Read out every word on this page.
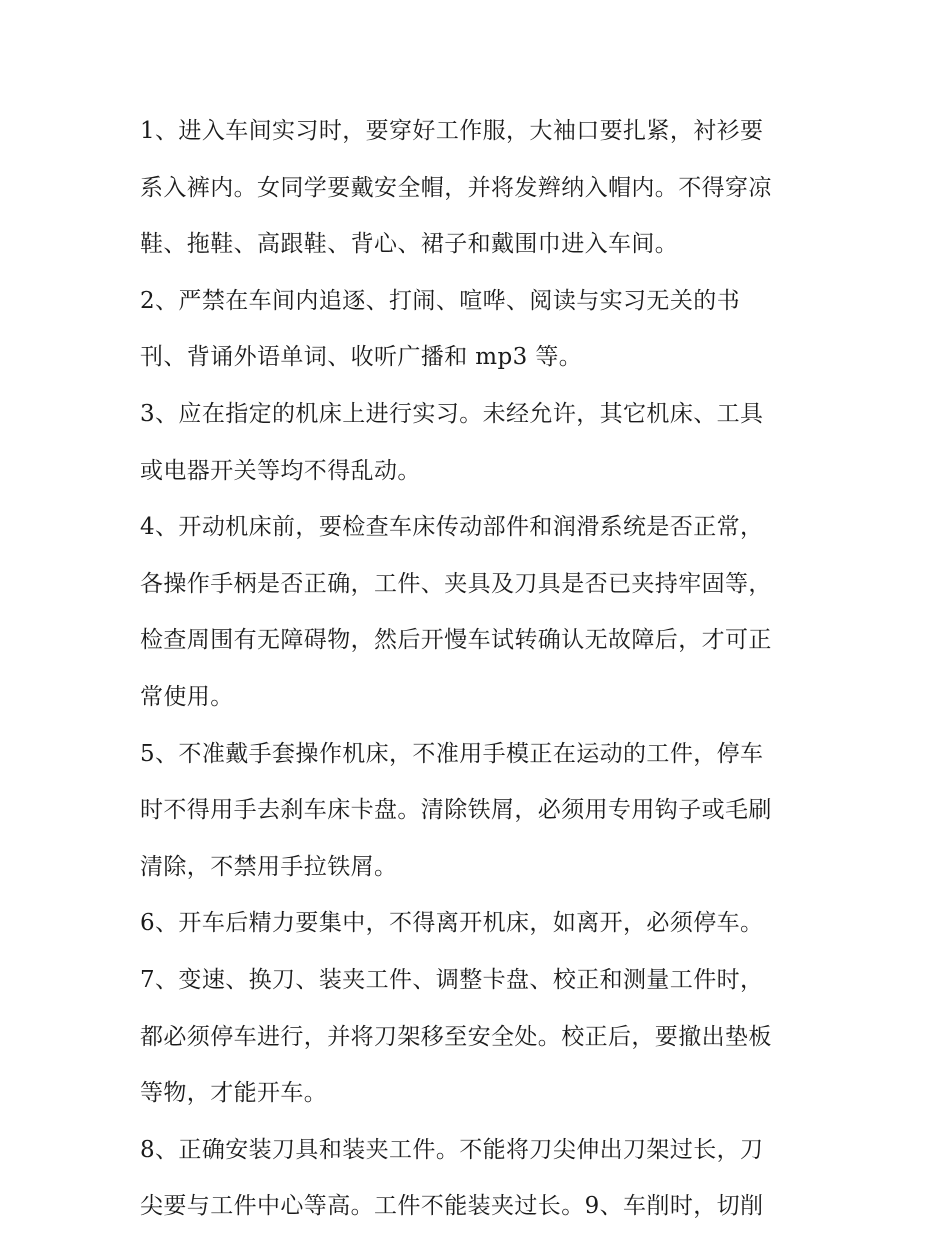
1、进入车间实习时，要穿好工作服，大袖口要扎紧，衬衫要
系入裤内。女同学要戴安全帽，并将发辫纳入帽内。不得穿凉
鞋、拖鞋、高跟鞋、背心、裙子和戴围巾进入车间。
2、严禁在车间内追逐、打闹、喧哗、阅读与实习无关的书
刊、背诵外语单词、收听广播和 mp3 等。
3、应在指定的机床上进行实习。未经允许，其它机床、工具
或电器开关等均不得乱动。
4、开动机床前，要检查车床传动部件和润滑系统是否正常，
各操作手柄是否正确，工件、夹具及刀具是否已夹持牢固等，
检查周围有无障碍物，然后开慢车试转确认无故障后，才可正
常使用。
5、不准戴手套操作机床，不准用手模正在运动的工件，停车
时不得用手去刹车床卡盘。清除铁屑，必须用专用钩子或毛刷
清除，不禁用手拉铁屑。
6、开车后精力要集中，不得离开机床，如离开，必须停车。
7、变速、换刀、装夹工件、调整卡盘、校正和测量工件时，
都必须停车进行，并将刀架移至安全处。校正后，要撤出垫板
等物，才能开车。
8、正确安装刀具和装夹工件。不能将刀尖伸出刀架过长，刀
尖要与工件中心等高。工件不能装夹过长。9、车削时，切削
